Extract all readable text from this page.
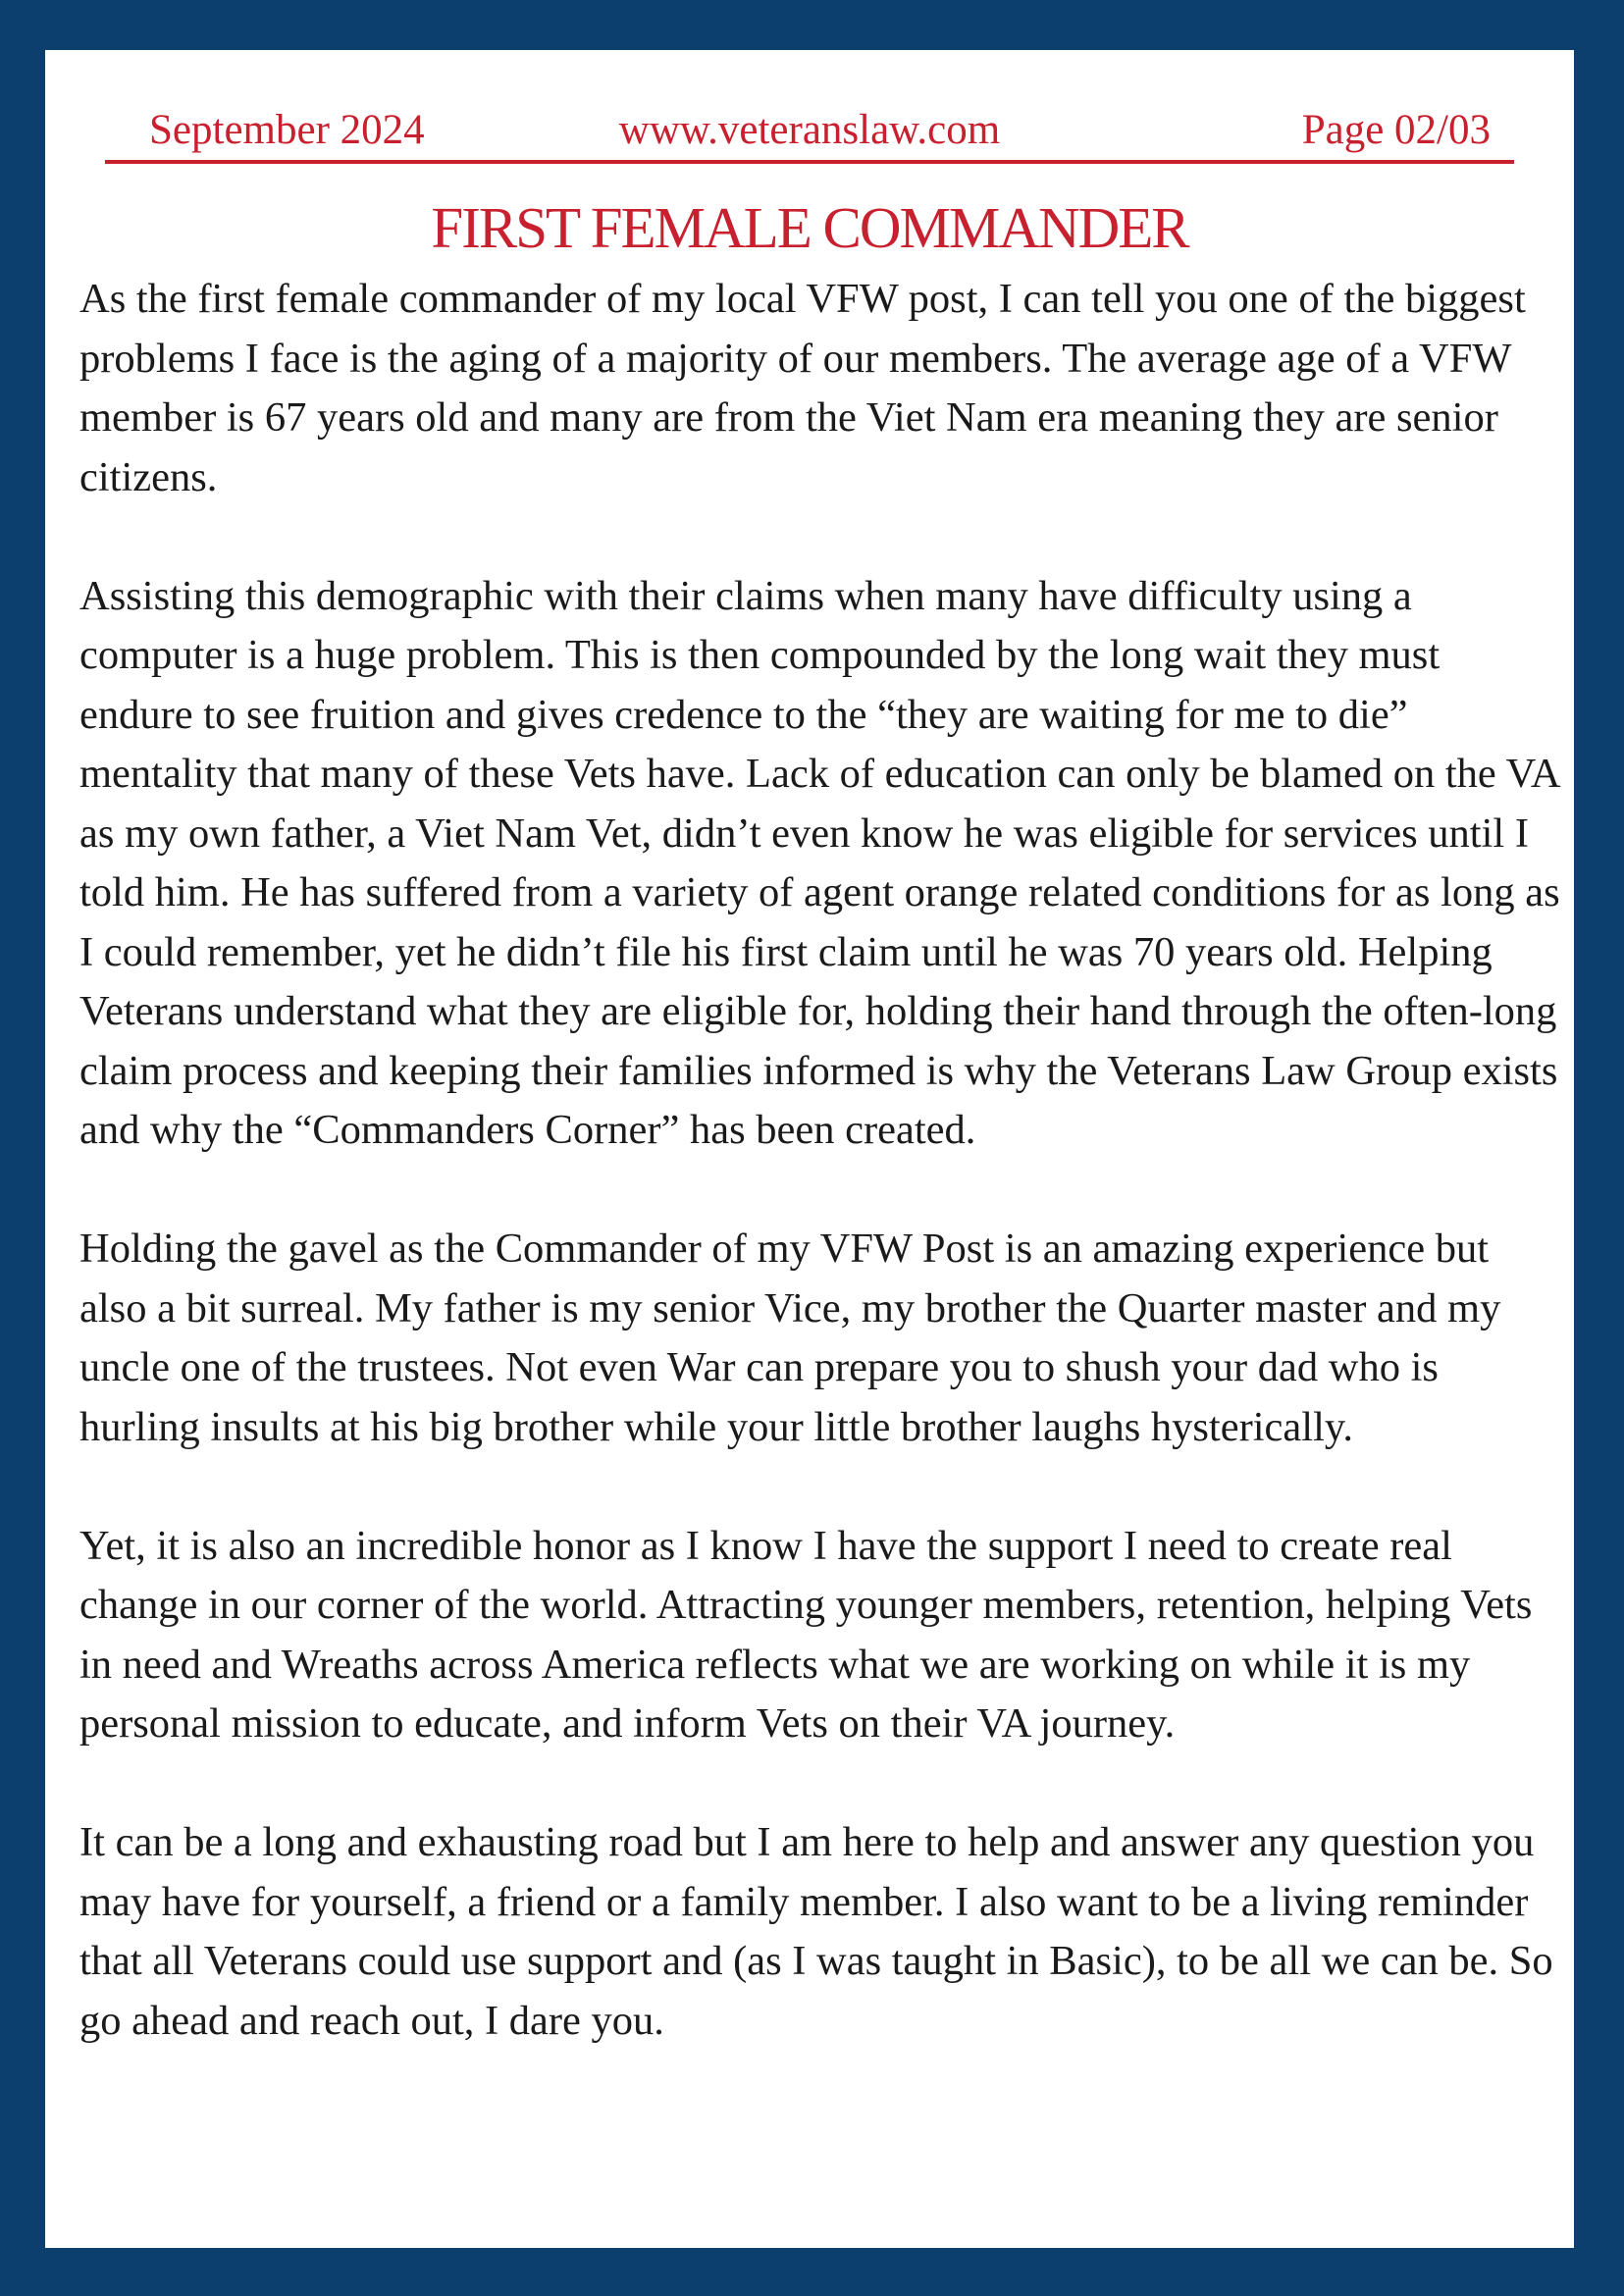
September 2024	www.veteranslaw.com	Page 02/03
FIRST FEMALE COMMANDER

As the first female commander of my local VFW post, I can tell you one of the biggest problems I face is the aging of a majority of our members. The average age of a VFW member is 67 years old and many are from the Viet Nam era meaning they are senior citizens.

Assisting this demographic with their claims when many have difficulty using a computer is a huge problem. This is then compounded by the long wait they must endure to see fruition and gives credence to the “they are waiting for me to die” mentality that many of these Vets have. Lack of education can only be blamed on the VA as my own father, a Viet Nam Vet, didn’t even know he was eligible for services until I told him. He has suffered from a variety of agent orange related conditions for as long as I could remember, yet he didn’t file his first claim until he was 70 years old. Helping Veterans understand what they are eligible for, holding their hand through the often-long claim process and keeping their families informed is why the Veterans Law Group exists and why the “Commanders Corner” has been created.

Holding the gavel as the Commander of my VFW Post is an amazing experience but also a bit surreal. My father is my senior Vice, my brother the Quarter master and my uncle one of the trustees. Not even War can prepare you to shush your dad who is hurling insults at his big brother while your little brother laughs hysterically.

Yet, it is also an incredible honor as I know I have the support I need to create real change in our corner of the world. Attracting younger members, retention, helping Vets in need and Wreaths across America reflects what we are working on while it is my personal mission to educate, and inform Vets on their VA journey.

It can be a long and exhausting road but I am here to help and answer any question you may have for yourself, a friend or a family member. I also want to be a living reminder that all Veterans could use support and (as I was taught in Basic), to be all we can be. So go ahead and reach out, I dare you.
